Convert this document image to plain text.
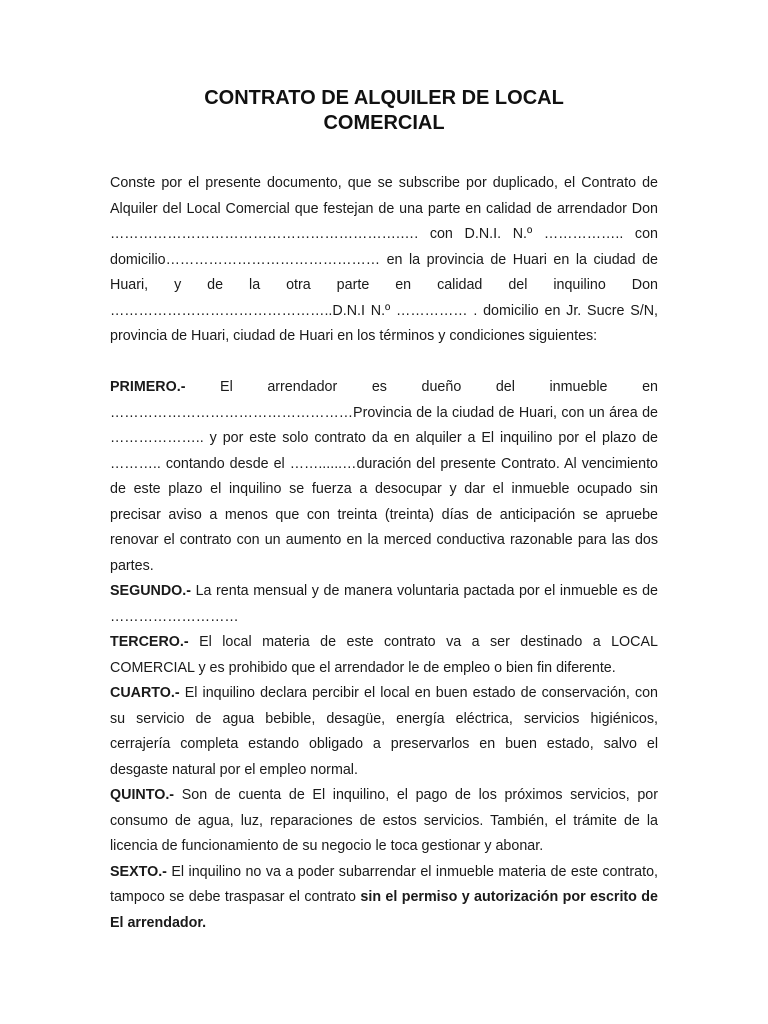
CONTRATO DE ALQUILER DE LOCAL
COMERCIAL

Conste por el presente documento, que se subscribe por duplicado, el Contrato de Alquiler del Local Comercial que festejan de una parte en calidad de arrendador Don …………………………………………………….…. con D.N.I. N.º …………….. con domicilio……………………………………… en la provincia de Huari en la ciudad de Huari, y de la otra parte en calidad del inquilino Don ………………………………………..D.N.I N.º …………… . domicilio en Jr. Sucre S/N, provincia de Huari, ciudad de Huari en los términos y condiciones siguientes:

PRIMERO.- El arrendador es dueño del inmueble en ……………………………………………Provincia de la ciudad de Huari, con un área de ……………….. y por este solo contrato da en alquiler a El inquilino por el plazo de ……….. contando desde el ……......…duración del presente Contrato. Al vencimiento de este plazo el inquilino se fuerza a desocupar y dar el inmueble ocupado sin precisar aviso a menos que con treinta (treinta) días de anticipación se apruebe renovar el contrato con un aumento en la merced conductiva razonable para las dos partes.

SEGUNDO.- La renta mensual y de manera voluntaria pactada por el inmueble es de ………………………

TERCERO.- El local materia de este contrato va a ser destinado a LOCAL COMERCIAL y es prohibido que el arrendador le de empleo o bien fin diferente.

CUARTO.- El inquilino declara percibir el local en buen estado de conservación, con su servicio de agua bebible, desagüe, energía eléctrica, servicios higiénicos, cerrajería completa estando obligado a preservarlos en buen estado, salvo el desgaste natural por el empleo normal.

QUINTO.- Son de cuenta de El inquilino, el pago de los próximos servicios, por consumo de agua, luz, reparaciones de estos servicios. También, el trámite de la licencia de funcionamiento de su negocio le toca gestionar y abonar.

SEXTO.- El inquilino no va a poder subarrendar el inmueble materia de este contrato, tampoco se debe traspasar el contrato sin el permiso y autorización por escrito de El arrendador.
